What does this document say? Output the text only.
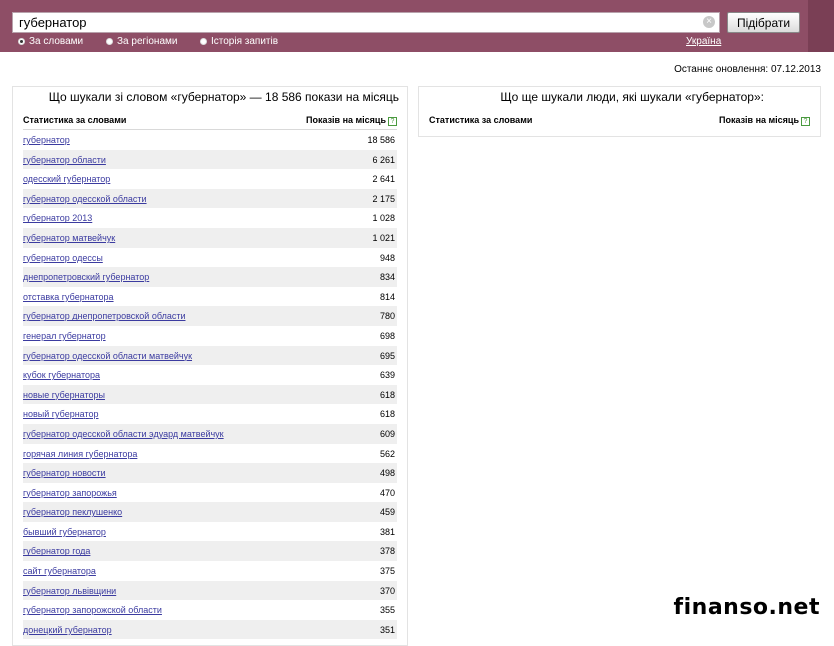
губернатор
×	Підібрати
За словами	За регіонами	Історія запитів	Україна
Останнє оновлення: 07.12.2013
Що шукали зі словом «губернатор» — 18 586 покази на місяць
Статистика за словами	Показів на місяць ?
губернатор	18 586
губернатор области	6 261
одесский губернатор	2 641
губернатор одесской области	2 175
губернатор 2013	1 028
губернатор матвейчук	1 021
губернатор одессы	948
днепропетровский губернатор	834
отставка губернатора	814
губернатор днепропетровской области	780
генерал губернатор	698
губернатор одесской области матвейчук	695
кубок губернатора	639
новые губернаторы	618
новый губернатор	618
губернатор одесской области эдуард матвейчук	609
горячая линия губернатора	562
губернатор новости	498
губернатор запорожья	470
губернатор пеклушенко	459
бывший губернатор	381
губернатор года	378
сайт губернатора	375
губернатор львівщини	370
губернатор запорожской области	355
донецкий губернатор	351
Що ще шукали люди, які шукали «губернатор»:
Статистика за словами	Показів на місяць ?
finanso.net
